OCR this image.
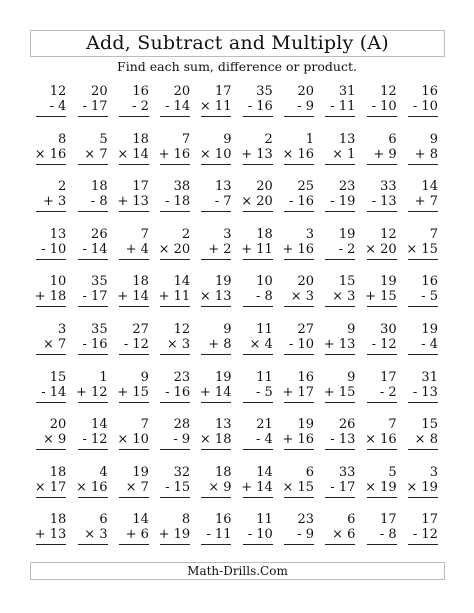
Add, Subtract and Multiply (A)
Find each sum, difference or product.
12
- 4
20
- 17
16
- 2
20
- 14
17
× 11
35
- 16
20
- 9
31
- 11
12
- 10
16
- 10
8
× 16
5
× 7
18
× 14
7
+ 16
9
× 10
2
+ 13
1
× 16
13
× 1
6
+ 9
9
+ 8
2
+ 3
18
- 8
17
+ 13
38
- 18
13
- 7
20
× 20
25
- 16
23
- 19
33
- 13
14
+ 7
13
- 10
26
- 14
7
+ 4
2
× 20
3
+ 2
18
+ 11
3
+ 16
19
- 2
12
× 20
7
× 15
10
+ 18
35
- 17
18
+ 14
14
+ 11
19
× 13
10
- 8
20
× 3
15
× 3
19
+ 15
16
- 5
3
× 7
35
- 16
27
- 12
12
× 3
9
+ 8
11
× 4
27
- 10
9
+ 13
30
- 12
19
- 4
15
- 14
1
+ 12
9
+ 15
23
- 16
19
+ 14
11
- 5
16
+ 17
9
+ 15
17
- 2
31
- 13
20
× 9
14
- 12
7
× 10
28
- 9
13
× 18
21
- 4
19
+ 16
26
- 13
7
× 16
15
× 8
18
× 17
4
× 16
19
× 7
32
- 15
18
× 9
14
+ 14
6
× 15
33
- 17
5
× 19
3
× 19
18
+ 13
6
× 3
14
+ 6
8
+ 19
16
- 11
11
- 10
23
- 9
6
× 6
17
- 8
17
- 12
Math-Drills.Com
